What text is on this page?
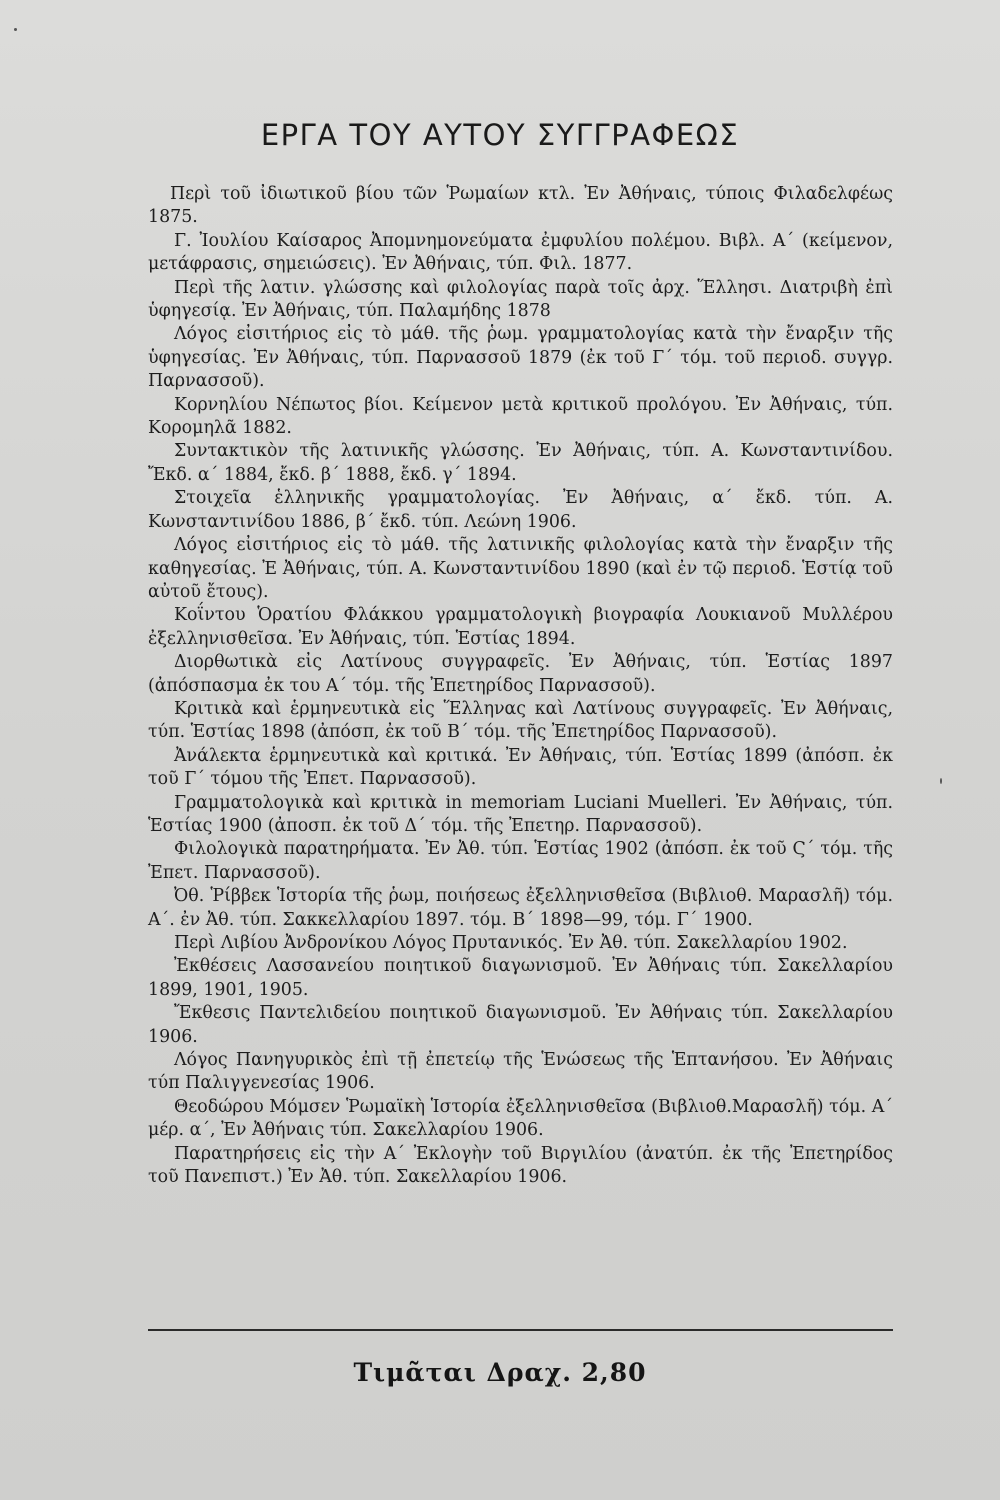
ΕΡΓΑ ΤΟΥ ΑΥΤΟΥ ΣΥΓΓΡΑΦΕΩΣ

Περὶ τοῦ ἰδιωτικοῦ βίου τῶν Ῥωμαίων κτλ. Ἐν Ἀθήναις, τύποις Φιλαδελφέως 1875.

Γ. Ἰουλίου Καίσαρος Ἀπομνημονεύματα ἐμφυλίου πολέμου. Βιβλ. Α΄ (κείμενον, μετάφρασις, σημειώσεις). Ἐν Ἀθήναις, τύπ. Φιλ. 1877.

Περὶ τῆς λατιν. γλώσσης καὶ φιλολογίας παρὰ τοῖς ἀρχ. Ἕλλησι. Διατριβὴ ἐπὶ ὑφηγεσίᾳ. Ἐν Ἀθήναις, τύπ. Παλαμήδης 1878

Λόγος εἰσιτήριος εἰς τὸ μάθ. τῆς ῥωμ. γραμματολογίας κατὰ τὴν ἔναρξιν τῆς ὑφηγεσίας. Ἐν Ἀθήναις, τύπ. Παρνασσοῦ 1879 (ἐκ τοῦ Γ΄ τόμ. τοῦ περιοδ. συγγρ. Παρνασσοῦ).

Κορνηλίου Νέπωτος βίοι. Κείμενον μετὰ κριτικοῦ προλόγου. Ἐν Ἀθήναις, τύπ. Κορομηλᾶ 1882.

Συντακτικὸν τῆς λατινικῆς γλώσσης. Ἐν Ἀθήναις, τύπ. Α. Κωνσταντινίδου. Ἔκδ. α΄ 1884, ἔκδ. β΄ 1888, ἔκδ. γ΄ 1894.

Στοιχεῖα ἑλληνικῆς γραμματολογίας. Ἐν Ἀθήναις, α΄ ἔκδ. τύπ. Α. Κωνσταντινίδου 1886, β΄ ἔκδ. τύπ. Λεώνη 1906.

Λόγος εἰσιτήριος εἰς τὸ μάθ. τῆς λατινικῆς φιλολογίας κατὰ τὴν ἔναρξιν τῆς καθηγεσίας. Ἐ Ἀθήναις, τύπ. Α. Κωνσταντινίδου 1890 (καὶ ἐν τῷ περιοδ. Ἑστίᾳ τοῦ αὐτοῦ ἔτους).

Κοΐντου Ὁρατίου Φλάκκου γραμματολογικὴ βιογραφία Λουκιανοῦ Μυλλέρου ἐξελληνισθεῖσα. Ἐν Ἀθήναις, τύπ. Ἑστίας 1894.

Διορθωτικὰ εἰς Λατίνους συγγραφεῖς. Ἐν Ἀθήναις, τύπ. Ἑστίας 1897 (ἀπόσπασμα ἐκ του Α΄ τόμ. τῆς Ἐπετηρίδος Παρνασσοῦ).

Κριτικὰ καὶ ἑρμηνευτικὰ εἰς Ἕλληνας καὶ Λατίνους συγγραφεῖς. Ἐν Ἀθήναις, τύπ. Ἑστίας 1898 (ἀπόσπ, ἐκ τοῦ Β΄ τόμ. τῆς Ἐπετηρίδος Παρνασσοῦ).

Ἀνάλεκτα ἑρμηνευτικὰ καὶ κριτικά. Ἐν Ἀθήναις, τύπ. Ἑστίας 1899 (ἀπόσπ. ἐκ τοῦ Γ΄ τόμου τῆς Ἐπετ. Παρνασσοῦ).

Γραμματολογικὰ καὶ κριτικὰ in memoriam Luciani Muelleri. Ἐν Ἀθήναις, τύπ. Ἑστίας 1900 (ἀποσπ. ἐκ τοῦ Δ΄ τόμ. τῆς Ἐπετηρ. Παρνασσοῦ).

Φιλολογικὰ παρατηρήματα. Ἐν Ἀθ. τύπ. Ἑστίας 1902 (ἀπόσπ. ἐκ τοῦ Ϛ΄ τόμ. τῆς Ἐπετ. Παρνασσοῦ).

Ὀθ. Ῥίββεκ Ἱστορία τῆς ῥωμ, ποιήσεως ἐξελληνισθεῖσα (Βιβλιοθ. Μαρασλῆ) τόμ. Α΄. ἐν Ἀθ. τύπ. Σακκελλαρίου 1897. τόμ. Β΄ 1898—99, τόμ. Γ΄ 1900.

Περὶ Λιβίου Ἀνδρονίκου Λόγος Πρυτανικός. Ἐν Ἀθ. τύπ. Σακελλαρίου 1902.

Ἐκθέσεις Λασσανείου ποιητικοῦ διαγωνισμοῦ. Ἐν Ἀθήναις τύπ. Σακελλαρίου 1899, 1901, 1905.

Ἔκθεσις Παντελιδείου ποιητικοῦ διαγωνισμοῦ. Ἐν Ἀθήναις τύπ. Σακελλαρίου 1906.

Λόγος Πανηγυρικὸς ἐπὶ τῇ ἐπετείῳ τῆς Ἑνώσεως τῆς Ἑπτανήσου. Ἐν Ἀθήναις τύπ Παλιγγενεσίας 1906.

Θεοδώρου Μόμσεν Ῥωμαϊκὴ Ἱστορία ἐξελληνισθεῖσα (Βιβλιοθ.Μαρασλῆ) τόμ. Α΄ μέρ. α΄, Ἐν Ἀθήναις τύπ. Σακελλαρίου 1906.

Παρατηρήσεις εἰς τὴν Α΄ Ἐκλογὴν τοῦ Βιργιλίου (ἀνατύπ. ἐκ τῆς Ἐπετηρίδος τοῦ Πανεπιστ.) Ἐν Ἀθ. τύπ. Σακελλαρίου 1906.

Τιμᾶται Δραχ. 2,80
